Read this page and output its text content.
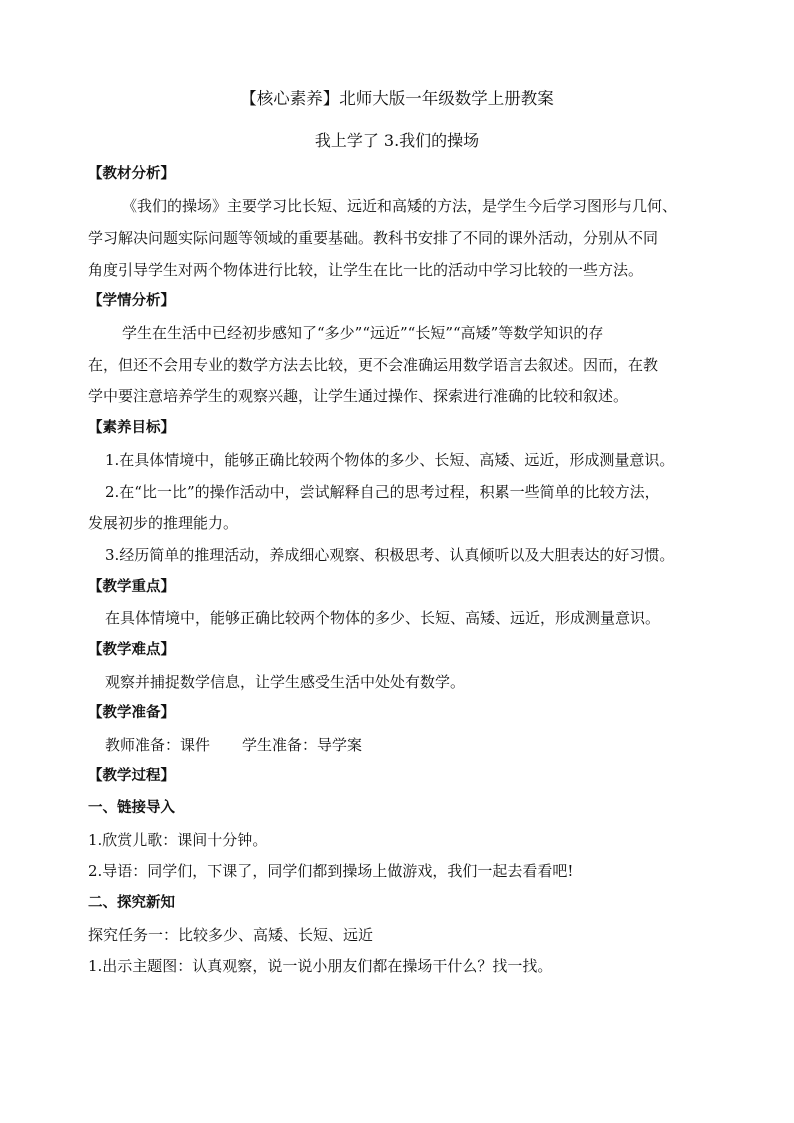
【核心素养】北师大版一年级数学上册教案
我上学了 3.我们的操场
【教材分析】
《我们的操场》主要学习比长短、远近和高矮的方法，是学生今后学习图形与几何、
学习解决问题实际问题等领域的重要基础。教科书安排了不同的课外活动，分别从不同
角度引导学生对两个物体进行比较，让学生在比一比的活动中学习比较的一些方法。
【学情分析】
学生在生活中已经初步感知了“多少”“远近”“长短”“高矮”等数学知识的存
在，但还不会用专业的数学方法去比较，更不会准确运用数学语言去叙述。因而，在教
学中要注意培养学生的观察兴趣，让学生通过操作、探索进行准确的比较和叙述。
【素养目标】
1.在具体情境中，能够正确比较两个物体的多少、长短、高矮、远近，形成测量意识。
2.在“比一比”的操作活动中，尝试解释自己的思考过程，积累一些简单的比较方法，
发展初步的推理能力。
3.经历简单的推理活动，养成细心观察、积极思考、认真倾听以及大胆表达的好习惯。
【教学重点】
在具体情境中，能够正确比较两个物体的多少、长短、高矮、远近，形成测量意识。
【教学难点】
观察并捕捉数学信息，让学生感受生活中处处有数学。
【教学准备】
教师准备：课件 学生准备：导学案
【教学过程】
一、链接导入
1.欣赏儿歌：课间十分钟。
2.导语：同学们，下课了，同学们都到操场上做游戏，我们一起去看看吧!
二、探究新知
探究任务一：比较多少、高矮、长短、远近
1.出示主题图：认真观察，说一说小朋友们都在操场干什么？找一找。
